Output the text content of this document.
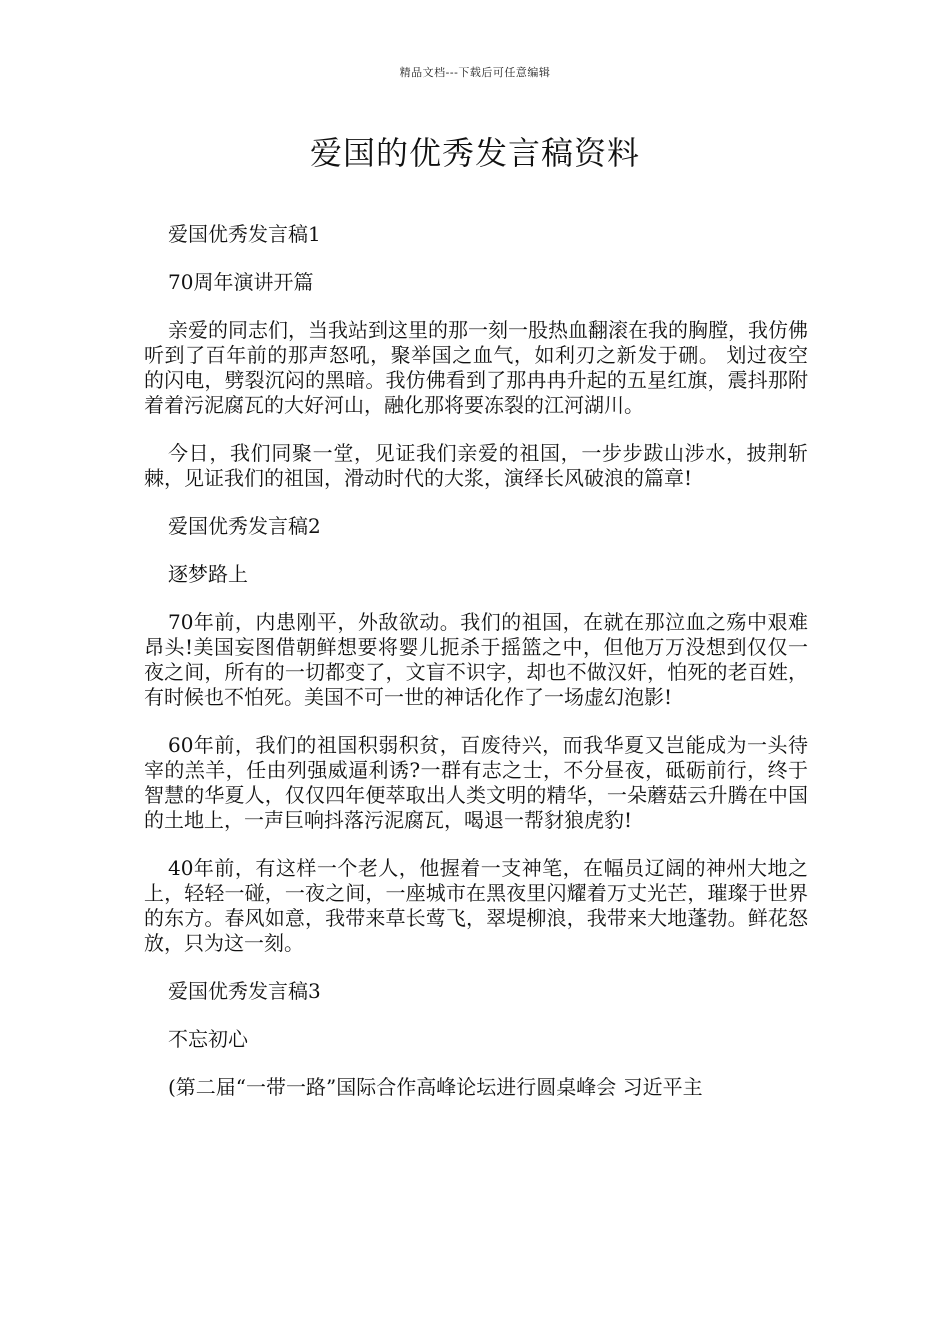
精品文档---下载后可任意编辑
爱国的优秀发言稿资料

爱国优秀发言稿1

70周年演讲开篇

亲爱的同志们，当我站到这里的那一刻一股热血翻滚在我的胸膛，我仿佛听到了百年前的那声怒吼，聚举国之血气，如利刃之新发于硎。 划过夜空的闪电，劈裂沉闷的黑暗。我仿佛看到了那冉冉升起的五星红旗，震抖那附着着污泥腐瓦的大好河山，融化那将要冻裂的江河湖川。

今日，我们同聚一堂，见证我们亲爱的祖国，一步步跋山涉水，披荆斩棘，见证我们的祖国，滑动时代的大浆，演绎长风破浪的篇章!

爱国优秀发言稿2

逐梦路上

70年前，内患刚平，外敌欲动。我们的祖国，在就在那泣血之殇中艰难昂头!美国妄图借朝鲜想要将婴儿扼杀于摇篮之中，但他万万没想到仅仅一夜之间，所有的一切都变了，文盲不识字，却也不做汉奸，怕死的老百姓，有时候也不怕死。美国不可一世的神话化作了一场虚幻泡影!

60年前，我们的祖国积弱积贫，百废待兴，而我华夏又岂能成为一头待宰的羔羊，任由列强威逼利诱?一群有志之士，不分昼夜，砥砺前行，终于智慧的华夏人，仅仅四年便萃取出人类文明的精华，一朵蘑菇云升腾在中国的土地上，一声巨响抖落污泥腐瓦，喝退一帮豺狼虎豹!

40年前，有这样一个老人，他握着一支神笔，在幅员辽阔的神州大地之上，轻轻一碰，一夜之间，一座城市在黑夜里闪耀着万丈光芒，璀璨于世界的东方。春风如意，我带来草长莺飞，翠堤柳浪，我带来大地蓬勃。鲜花怒放，只为这一刻。

爱国优秀发言稿3

不忘初心

(第二届“一带一路”国际合作高峰论坛进行圆桌峰会 习近平主
